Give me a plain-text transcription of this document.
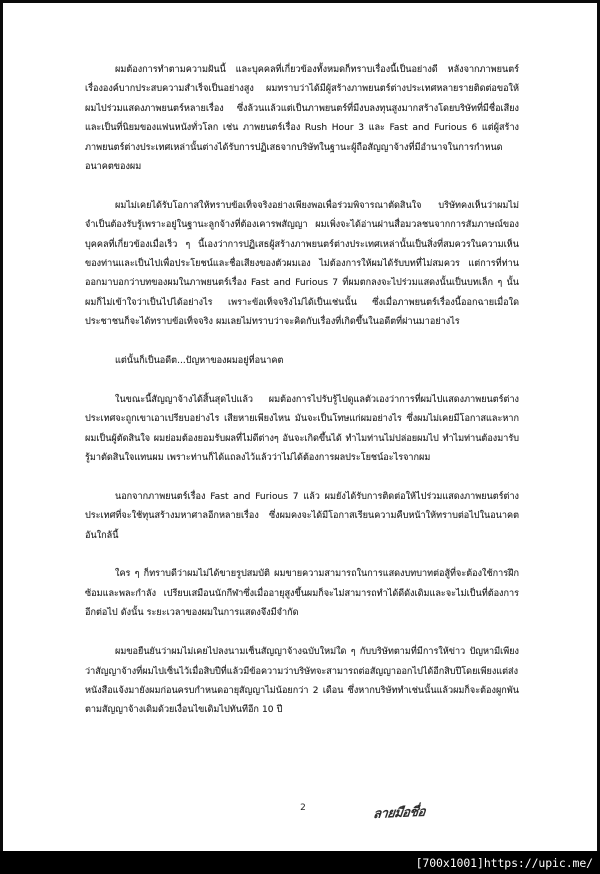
ผมต้องการทำตามความฝันนี้ และบุคคลที่เกี่ยวข้องทั้งหมดก็ทราบเรื่องนี้เป็นอย่างดี หลังจากภาพยนตร์เรื่ององค์บากประสบความสำเร็จเป็นอย่างสูง ผมทราบว่าได้มีผู้สร้างภาพยนตร์ต่างประเทศหลายรายติดต่อขอให้ผมไปร่วมแสดงภาพยนตร์หลายเรื่อง ซึ่งล้วนแล้วแต่เป็นภาพยนตร์ที่มีงบลงทุนสูงมากสร้างโดยบริษัทที่มีชื่อเสียงและเป็นที่นิยมของแฟนหนังทั่วโลก เช่น ภาพยนตร์เรื่อง Rush Hour 3 และ Fast and Furious 6 แต่ผู้สร้างภาพยนตร์ต่างประเทศเหล่านั้นต่างได้รับการปฏิเสธจากบริษัทในฐานะผู้ถือสัญญาจ้างที่มีอำนาจในการกำหนดอนาคตของผม

ผมไม่เคยได้รับโอกาสให้ทราบข้อเท็จจริงอย่างเพียงพอเพื่อร่วมพิจารณาตัดสินใจ บริษัทคงเห็นว่าผมไม่จำเป็นต้องรับรู้เพราะอยู่ในฐานะลูกจ้างที่ต้องเคารพสัญญา ผมเพิ่งจะได้อ่านผ่านสื่อมวลชนจากการสัมภาษณ์ของบุคคลที่เกี่ยวข้องเมื่อเร็ว ๆ นี้เองว่าการปฏิเสธผู้สร้างภาพยนตร์ต่างประเทศเหล่านั้นเป็นสิ่งที่สมควรในความเห็นของท่านและเป็นไปเพื่อประโยชน์และชื่อเสียงของตัวผมเอง ไม่ต้องการให้ผมได้รับบทที่ไม่สมควร แต่การที่ท่านออกมาบอกว่าบทของผมในภาพยนตร์เรื่อง Fast and Furious 7 ที่ผมตกลงจะไปร่วมแสดงนั้นเป็นบทเล็ก ๆ นั้นผมก็ไม่เข้าใจว่าเป็นไปได้อย่างไร เพราะข้อเท็จจริงไม่ได้เป็นเช่นนั้น ซึ่งเมื่อภาพยนตร์เรื่องนี้ออกฉายเมื่อใดประชาชนก็จะได้ทราบข้อเท็จจริง ผมเลยไม่ทราบว่าจะคิดกับเรื่องที่เกิดขึ้นในอดีตที่ผ่านมาอย่างไร

แต่นั้นก็เป็นอดีต...ปัญหาของผมอยู่ที่อนาคต

ในขณะนี้สัญญาจ้างได้สิ้นสุดไปแล้ว ผมต้องการไปรับรู้ไปดูแลตัวเองว่าการที่ผมไปแสดงภาพยนตร์ต่างประเทศจะถูกเขาเอาเปรียบอย่างไร เสียหายเพียงไหน มันจะเป็นโทษแก่ผมอย่างไร ซึ่งผมไม่เคยมีโอกาสและหากผมเป็นผู้ตัดสินใจ ผมย่อมต้องยอมรับผลที่ไม่ดีต่างๆ อันจะเกิดขึ้นได้ ทำไมท่านไม่ปล่อยผมไป ทำไมท่านต้องมารับรู้มาตัดสินใจแทนผม เพราะท่านก็ได้แถลงไว้แล้วว่าไม่ได้ต้องการผลประโยชน์อะไรจากผม

นอกจากภาพยนตร์เรื่อง Fast and Furious 7 แล้ว ผมยังได้รับการติดต่อให้ไปร่วมแสดงภาพยนตร์ต่างประเทศที่จะใช้ทุนสร้างมหาศาลอีกหลายเรื่อง ซึ่งผมคงจะได้มีโอกาสเรียนความคืบหน้าให้ทราบต่อไปในอนาคตอันใกล้นี้

ใคร ๆ ก็ทราบดีว่าผมไม่ได้ขายรูปสมบัติ ผมขายความสามารถในการแสดงบทบาทต่อสู้ที่จะต้องใช้การฝึกซ้อมและพละกำลัง เปรียบเสมือนนักกีฬาซึ่งเมื่ออายุสูงขึ้นผมก็จะไม่สามารถทำได้ดีดังเดิมและจะไม่เป็นที่ต้องการอีกต่อไป ดังนั้น ระยะเวลาของผมในการแสดงจึงมีจำกัด

ผมขอยืนยันว่าผมไม่เคยไปลงนามเซ็นสัญญาจ้างฉบับใหม่ใด ๆ กับบริษัทตามที่มีการให้ข่าว ปัญหามีเพียงว่าสัญญาจ้างที่ผมไปเซ็นไว้เมื่อสิบปีที่แล้วมีข้อความว่าบริษัทจะสามารถต่อสัญญาออกไปได้อีกสิบปีโดยเพียงแต่ส่งหนังสือแจ้งมายังผมก่อนครบกำหนดอายุสัญญาไม่น้อยกว่า 2 เดือน ซึ่งหากบริษัททำเช่นนั้นแล้วผมก็จะต้องผูกพันตามสัญญาจ้างเดิมด้วยเงื่อนไขเดิมไปทันทีอีก 10 ปี

2	ลายมือชื่อ
[700x1001]https://upic.me/
